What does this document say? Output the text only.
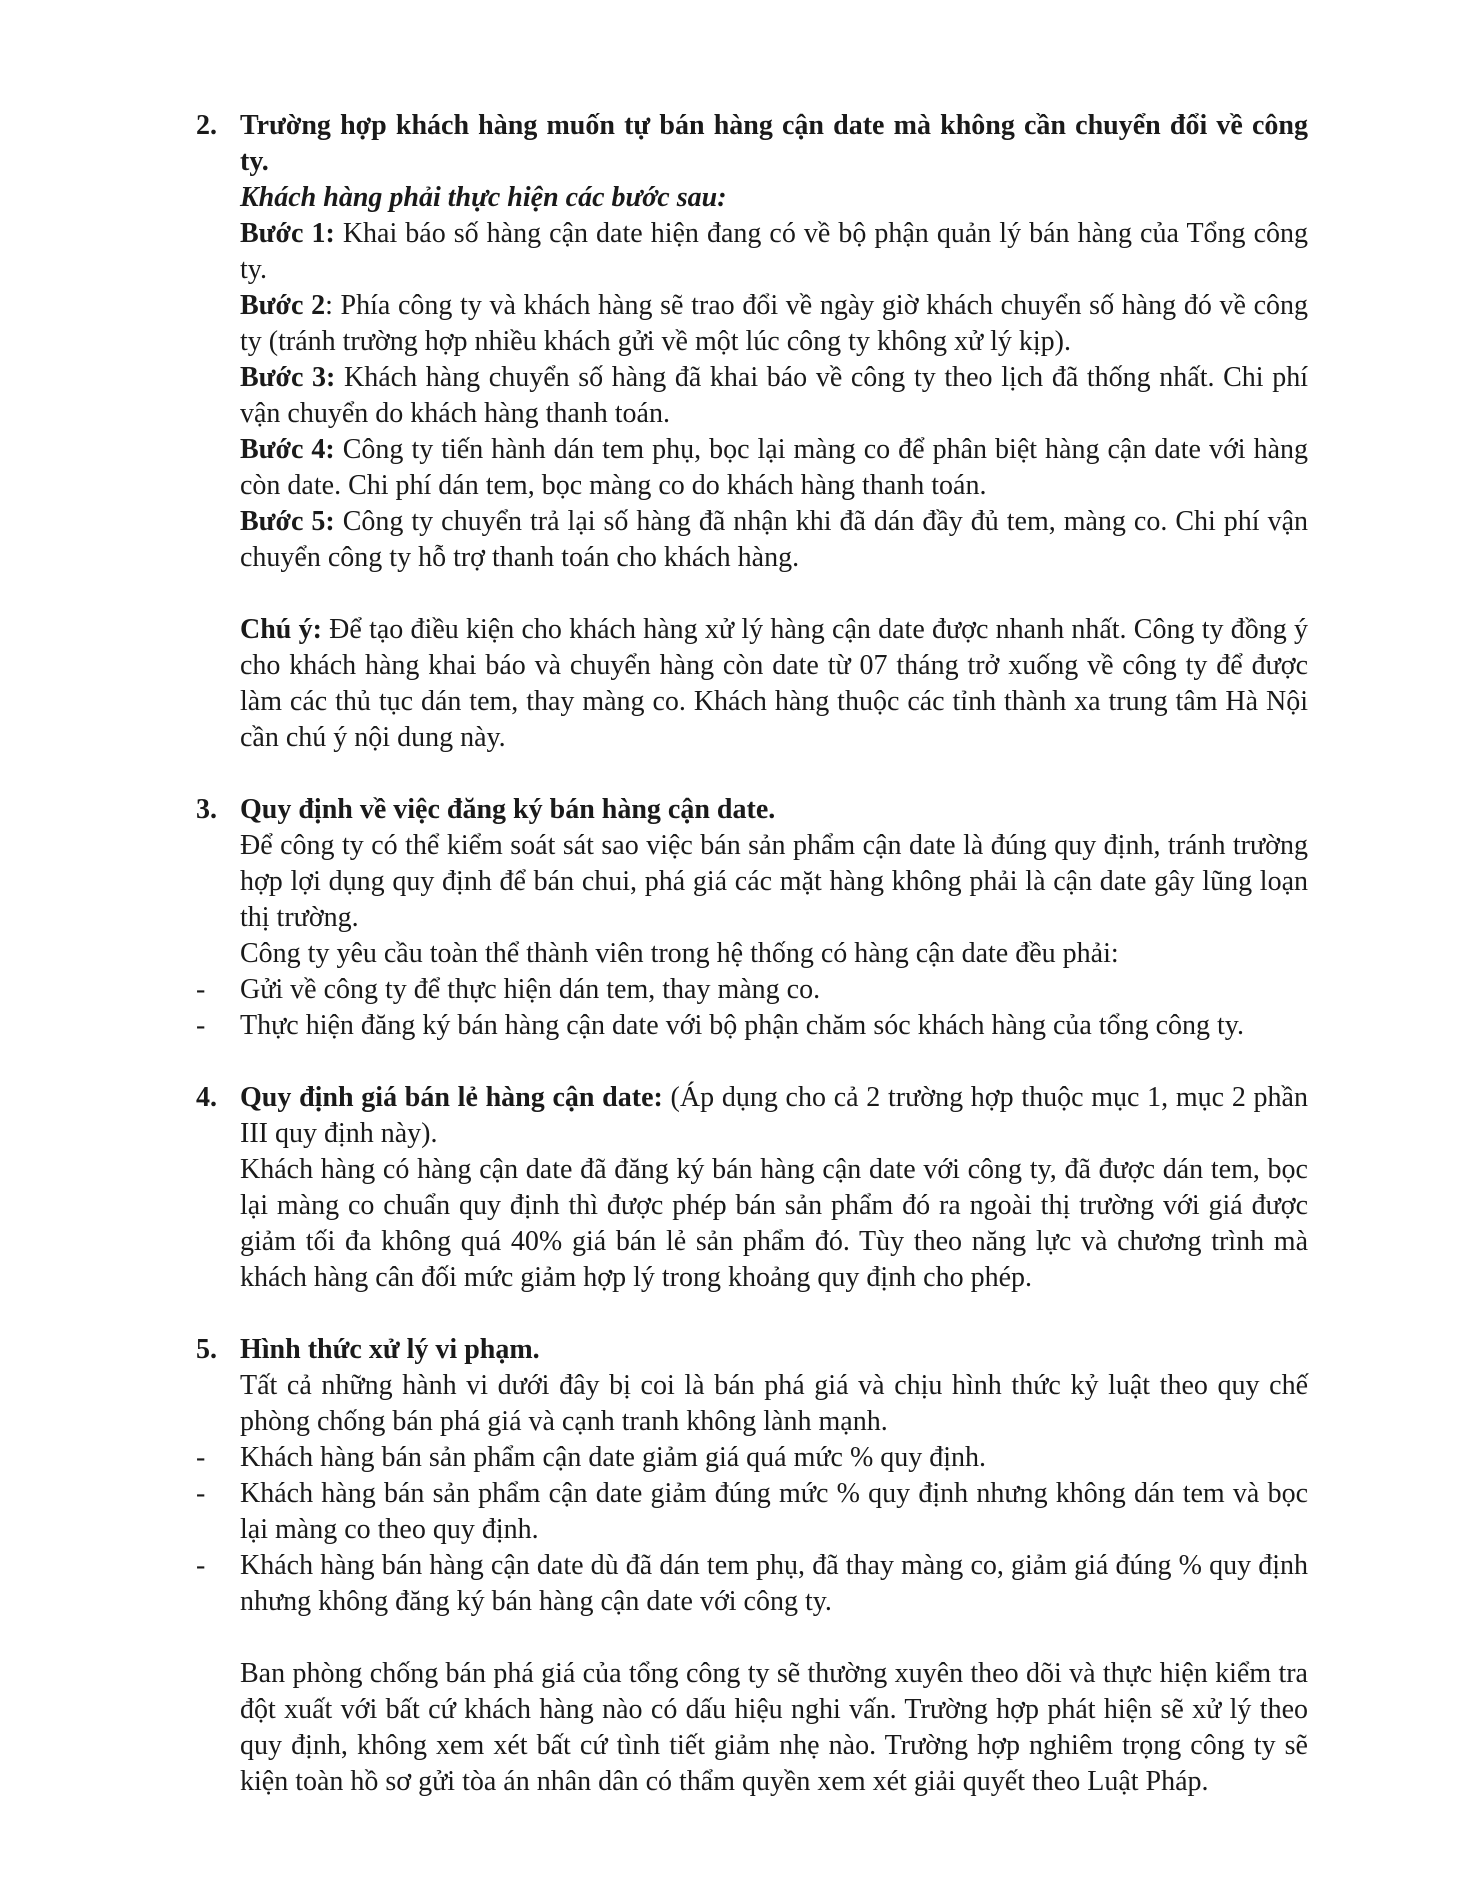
2. Trường hợp khách hàng muốn tự bán hàng cận date mà không cần chuyển đổi về công ty.

Khách hàng phải thực hiện các bước sau:

Bước 1: Khai báo số hàng cận date hiện đang có về bộ phận quản lý bán hàng của Tổng công ty.

Bước 2: Phía công ty và khách hàng sẽ trao đổi về ngày giờ khách chuyển số hàng đó về công ty (tránh trường hợp nhiều khách gửi về một lúc công ty không xử lý kịp).

Bước 3: Khách hàng chuyển số hàng đã khai báo về công ty theo lịch đã thống nhất. Chi phí vận chuyển do khách hàng thanh toán.

Bước 4: Công ty tiến hành dán tem phụ, bọc lại màng co để phân biệt hàng cận date với hàng còn date. Chi phí dán tem, bọc màng co do khách hàng thanh toán.

Bước 5: Công ty chuyển trả lại số hàng đã nhận khi đã dán đầy đủ tem, màng co. Chi phí vận chuyển công ty hỗ trợ thanh toán cho khách hàng.

Chú ý: Để tạo điều kiện cho khách hàng xử lý hàng cận date được nhanh nhất. Công ty đồng ý cho khách hàng khai báo và chuyển hàng còn date từ 07 tháng trở xuống về công ty để được làm các thủ tục dán tem, thay màng co. Khách hàng thuộc các tỉnh thành xa trung tâm Hà Nội cần chú ý nội dung này.

3. Quy định về việc đăng ký bán hàng cận date.

Để công ty có thể kiểm soát sát sao việc bán sản phẩm cận date là đúng quy định, tránh trường hợp lợi dụng quy định để bán chui, phá giá các mặt hàng không phải là cận date gây lũng loạn thị trường.

Công ty yêu cầu toàn thể thành viên trong hệ thống có hàng cận date đều phải:

- Gửi về công ty để thực hiện dán tem, thay màng co.

- Thực hiện đăng ký bán hàng cận date với bộ phận chăm sóc khách hàng của tổng công ty.

4. Quy định giá bán lẻ hàng cận date: (Áp dụng cho cả 2 trường hợp thuộc mục 1, mục 2 phần III quy định này).

Khách hàng có hàng cận date đã đăng ký bán hàng cận date với công ty, đã được dán tem, bọc lại màng co chuẩn quy định thì được phép bán sản phẩm đó ra ngoài thị trường với giá được giảm tối đa không quá 40% giá bán lẻ sản phẩm đó. Tùy theo năng lực và chương trình mà khách hàng cân đối mức giảm hợp lý trong khoảng quy định cho phép.

5. Hình thức xử lý vi phạm.

Tất cả những hành vi dưới đây bị coi là bán phá giá và chịu hình thức kỷ luật theo quy chế phòng chống bán phá giá và cạnh tranh không lành mạnh.

- Khách hàng bán sản phẩm cận date giảm giá quá mức % quy định.

- Khách hàng bán sản phẩm cận date giảm đúng mức % quy định nhưng không dán tem và bọc lại màng co theo quy định.

- Khách hàng bán hàng cận date dù đã dán tem phụ, đã thay màng co, giảm giá đúng % quy định nhưng không đăng ký bán hàng cận date với công ty.

Ban phòng chống bán phá giá của tổng công ty sẽ thường xuyên theo dõi và thực hiện kiểm tra đột xuất với bất cứ khách hàng nào có dấu hiệu nghi vấn. Trường hợp phát hiện sẽ xử lý theo quy định, không xem xét bất cứ tình tiết giảm nhẹ nào. Trường hợp nghiêm trọng công ty sẽ kiện toàn hồ sơ gửi tòa án nhân dân có thẩm quyền xem xét giải quyết theo Luật Pháp.
